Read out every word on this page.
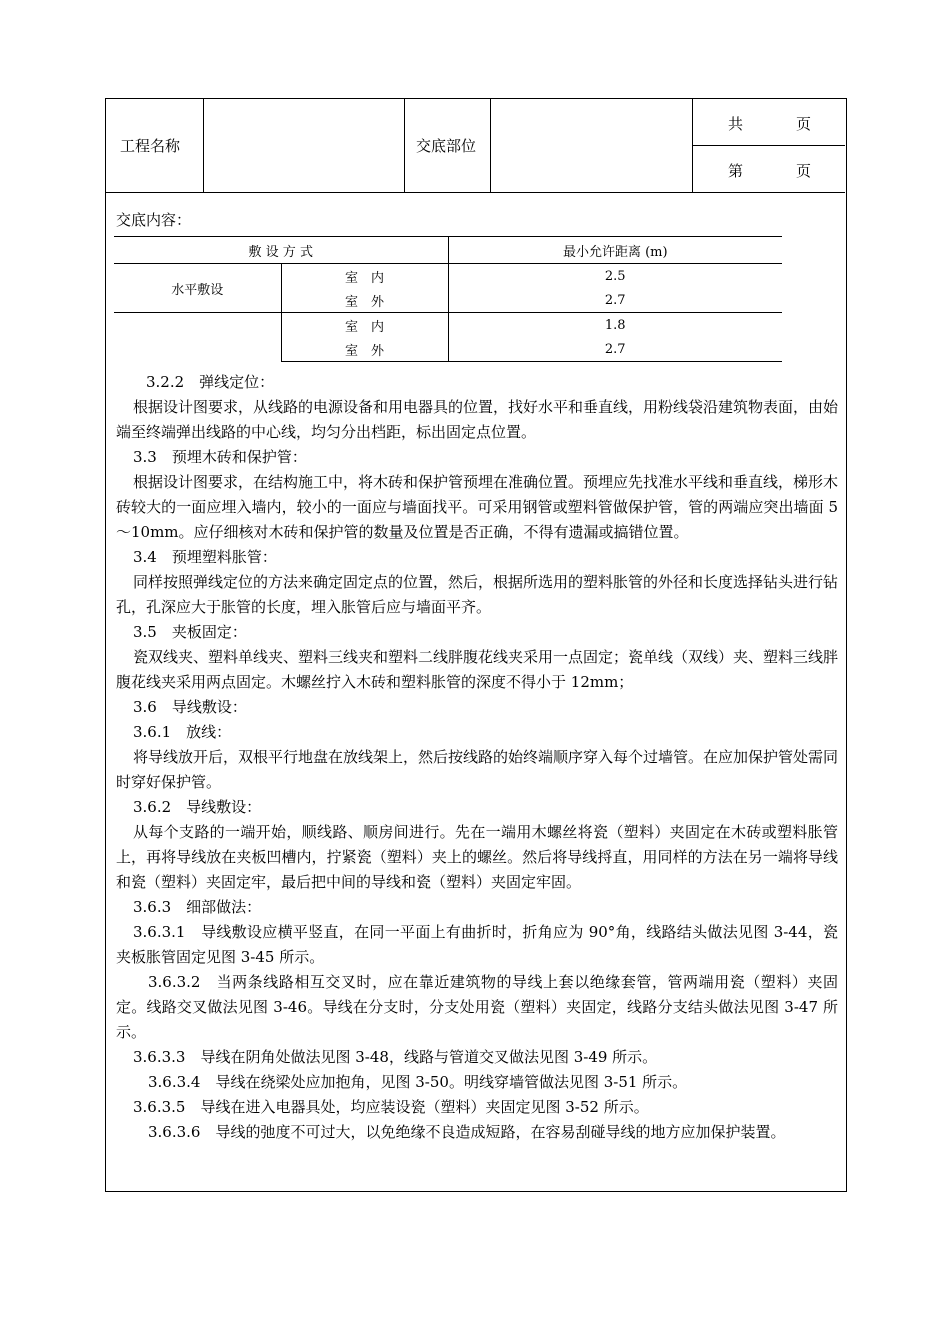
工程名称	交底部位
共	页
第	页
交底内容：
敷 设 方 式		最小允许距离 (m)
水平敷设	室　内	2.5
	室　外	2.7
	室　内	1.8
	室　外	2.7

3.2.2　弹线定位：

根据设计图要求，从线路的电源设备和用电器具的位置，找好水平和垂直线，用粉线袋沿建筑物表面，由始端至终端弹出线路的中心线，均匀分出档距，标出固定点位置。

3.3　预埋木砖和保护管：

根据设计图要求，在结构施工中，将木砖和保护管预埋在准确位置。预埋应先找准水平线和垂直线，梯形木砖较大的一面应埋入墙内，较小的一面应与墙面找平。可采用钢管或塑料管做保护管，管的两端应突出墙面 5～10mm。应仔细核对木砖和保护管的数量及位置是否正确，不得有遗漏或搞错位置。

3.4　预埋塑料胀管：

同样按照弹线定位的方法来确定固定点的位置，然后，根据所选用的塑料胀管的外径和长度选择钻头进行钻孔，孔深应大于胀管的长度，埋入胀管后应与墙面平齐。

3.5　夹板固定：

瓷双线夹、塑料单线夹、塑料三线夹和塑料二线胖腹花线夹采用一点固定；瓷单线（双线）夹、塑料三线胖腹花线夹采用两点固定。木螺丝拧入木砖和塑料胀管的深度不得小于 12mm；

3.6　导线敷设：

3.6.1　放线：

将导线放开后，双根平行地盘在放线架上，然后按线路的始终端顺序穿入每个过墙管。在应加保护管处需同时穿好保护管。

3.6.2　导线敷设：

从每个支路的一端开始，顺线路、顺房间进行。先在一端用木螺丝将瓷（塑料）夹固定在木砖或塑料胀管上，再将导线放在夹板凹槽内，拧紧瓷（塑料）夹上的螺丝。然后将导线捋直，用同样的方法在另一端将导线和瓷（塑料）夹固定牢，最后把中间的导线和瓷（塑料）夹固定牢固。

3.6.3　细部做法：

3.6.3.1　导线敷设应横平竖直，在同一平面上有曲折时，折角应为 90°角，线路结头做法见图 3-44，瓷夹板胀管固定见图 3-45 所示。

3.6.3.2　当两条线路相互交叉时，应在靠近建筑物的导线上套以绝缘套管，管两端用瓷（塑料）夹固定。线路交叉做法见图 3-46。导线在分支时，分支处用瓷（塑料）夹固定，线路分支结头做法见图 3-47 所示。

3.6.3.3　导线在阴角处做法见图 3-48，线路与管道交叉做法见图 3-49 所示。

3.6.3.4　导线在绕梁处应加抱角，见图 3-50。明线穿墙管做法见图 3-51 所示。

3.6.3.5　导线在进入电器具处，均应装设瓷（塑料）夹固定见图 3-52 所示。

3.6.3.6　导线的弛度不可过大，以免绝缘不良造成短路，在容易刮碰导线的地方应加保护装置。
